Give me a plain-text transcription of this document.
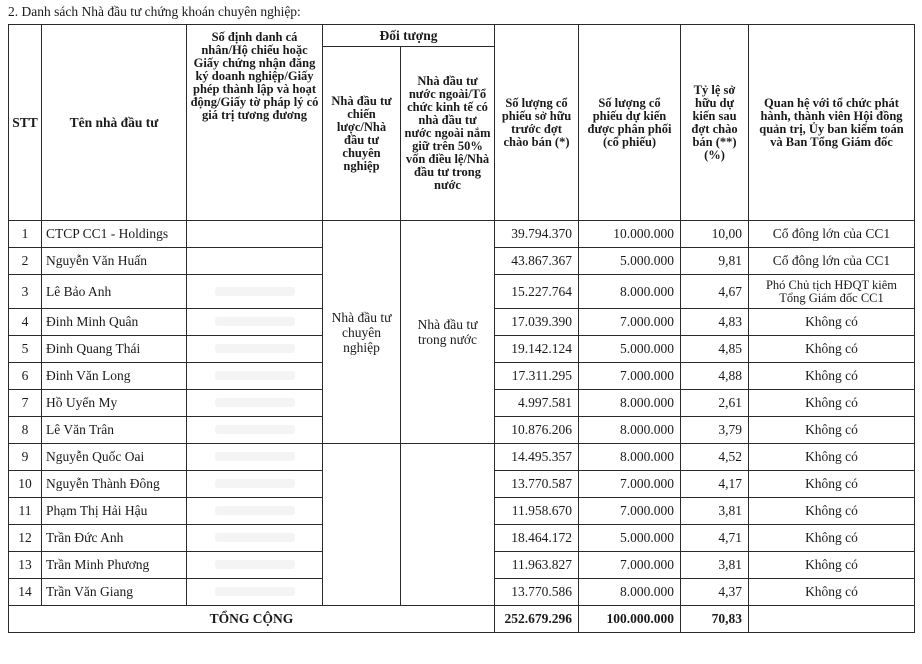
2. Danh sách Nhà đầu tư chứng khoán chuyên nghiệp:
STT	Tên nhà đầu tư	Số định danh cá nhân/Hộ chiếu hoặc Giấy chứng nhận đăng ký doanh nghiệp/Giấy phép thành lập và hoạt động/Giấy tờ pháp lý có giá trị tương đương	Đối tượng		Số lượng cổ phiếu sở hữu trước đợt chào bán (*)	Số lượng cổ phiếu dự kiến được phân phối (cổ phiếu)	Tỷ lệ sở hữu dự kiến sau đợt chào bán (**) (%)	Quan hệ với tổ chức phát hành, thành viên Hội đồng quản trị, Ủy ban kiểm toán và Ban Tổng Giám đốc
			Nhà đầu tư chiến lược/Nhà đầu tư chuyên nghiệp	Nhà đầu tư nước ngoài/Tổ chức kinh tế có nhà đầu tư nước ngoài nắm giữ trên 50% vốn điều lệ/Nhà đầu tư trong nước				
1	CTCP CC1 - Holdings		Nhà đầu tư chuyên nghiệp	Nhà đầu tư trong nước	39.794.370	10.000.000	10,00	Cổ đông lớn của CC1
2	Nguyễn Văn Huấn				43.867.367	5.000.000	9,81	Cổ đông lớn của CC1
3	Lê Bảo Anh				15.227.764	8.000.000	4,67	Phó Chủ tịch HĐQT kiêm Tổng Giám đốc CC1
4	Đinh Minh Quân				17.039.390	7.000.000	4,83	Không có
5	Đinh Quang Thái				19.142.124	5.000.000	4,85	Không có
6	Đinh Văn Long				17.311.295	7.000.000	4,88	Không có
7	Hồ Uyển My				4.997.581	8.000.000	2,61	Không có
8	Lê Văn Trân				10.876.206	8.000.000	3,79	Không có
9	Nguyễn Quốc Oai				14.495.357	8.000.000	4,52	Không có
10	Nguyễn Thành Đông				13.770.587	7.000.000	4,17	Không có
11	Phạm Thị Hải Hậu				11.958.670	7.000.000	3,81	Không có
12	Trần Đức Anh				18.464.172	5.000.000	4,71	Không có
13	Trần Minh Phương				11.963.827	7.000.000	3,81	Không có
14	Trần Văn Giang				13.770.586	8.000.000	4,37	Không có
TỔNG CỘNG					252.679.296	100.000.000	70,83	
